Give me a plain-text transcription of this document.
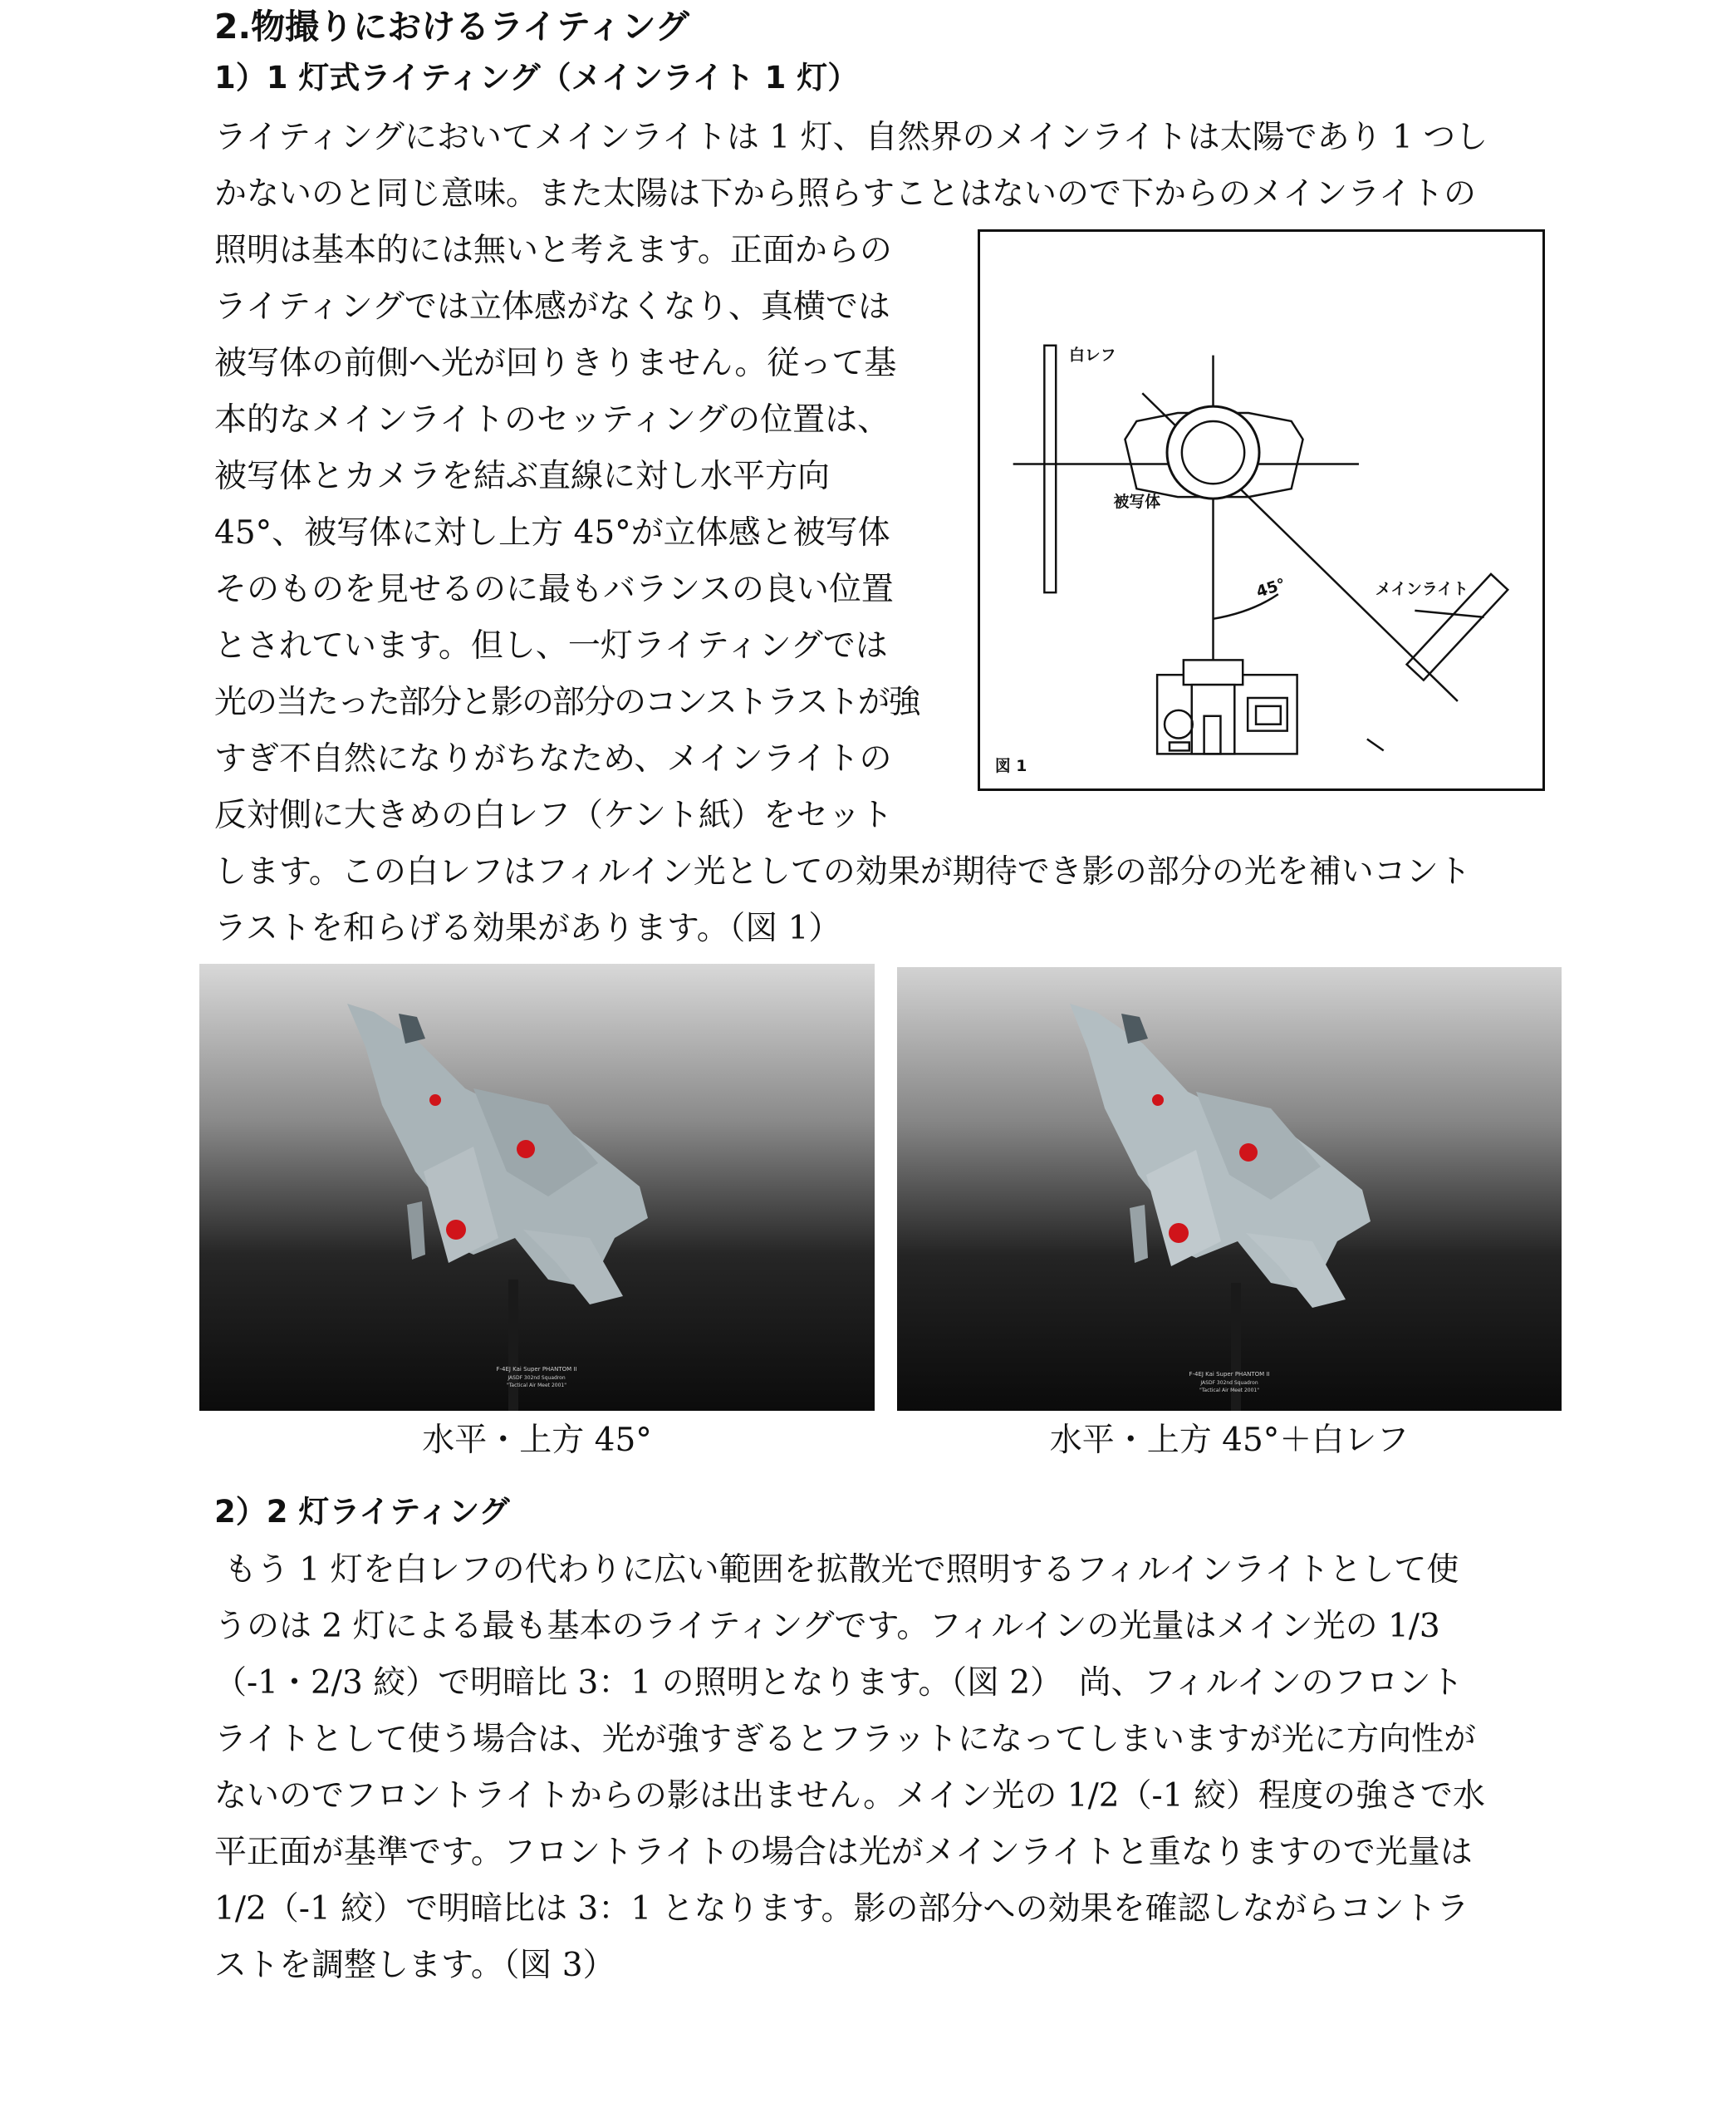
2.物撮りにおけるライティング
1）1 灯式ライティング（メインライト 1 灯）
ライティングにおいてメインライトは 1 灯、自然界のメインライトは太陽であり 1 つし
かないのと同じ意味。また太陽は下から照らすことはないので下からのメインライトの
照明は基本的には無いと考えます。正面からの
ライティングでは立体感がなくなり、真横では
被写体の前側へ光が回りきりません。従って基
本的なメインライトのセッティングの位置は、
被写体とカメラを結ぶ直線に対し水平方向
45°、被写体に対し上方 45°が立体感と被写体
そのものを見せるのに最もバランスの良い位置
とされています。但し、一灯ライティングでは
光の当たった部分と影の部分のコンストラストが強
すぎ不自然になりがちなため、メインライトの
反対側に大きめの白レフ（ケント紙）をセット
します。この白レフはフィルイン光としての効果が期待でき影の部分の光を補いコント
ラストを和らげる効果があります。（図 1）
白レフ
被写体
45°	メインライト
図 1
F-4EJ Kai Super PHANTOM II
JASDF 302nd Squadron
"Tactical Air Meet 2001"
水平・上方 45°
F-4EJ Kai Super PHANTOM II
JASDF 302nd Squadron
"Tactical Air Meet 2001"
水平・上方 45°＋白レフ
2）2 灯ライティング
もう 1 灯を白レフの代わりに広い範囲を拡散光で照明するフィルインライトとして使
うのは 2 灯による最も基本のライティングです。フィルインの光量はメイン光の 1/3
（-1・2/3 絞）で明暗比 3：1 の照明となります。（図 2）　尚、フィルインのフロント
ライトとして使う場合は、光が強すぎるとフラットになってしまいますが光に方向性が
ないのでフロントライトからの影は出ません。メイン光の 1/2（-1 絞）程度の強さで水
平正面が基準です。フロントライトの場合は光がメインライトと重なりますので光量は
1/2（-1 絞）で明暗比は 3：1 となります。影の部分への効果を確認しながらコントラ
ストを調整します。（図 3）
